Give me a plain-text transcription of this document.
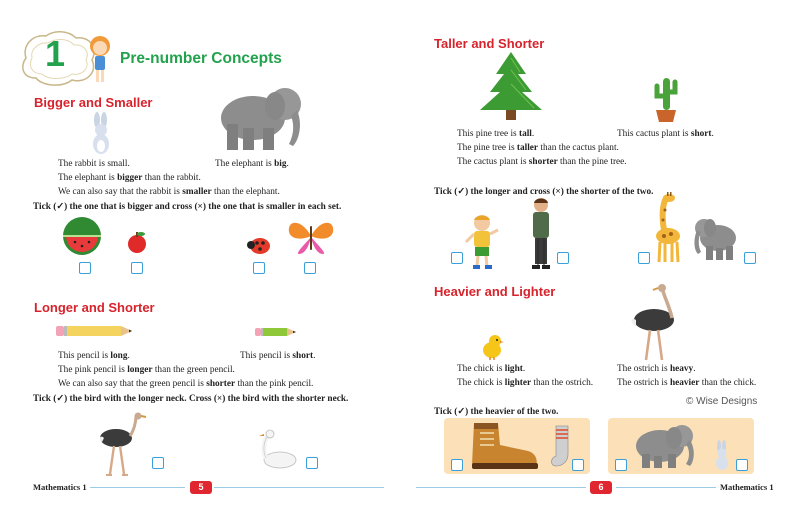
1	Pre-number Concepts
Bigger and Smaller
The rabbit is small.	The elephant is big.
The elephant is bigger than the rabbit.
We can also say that the rabbit is smaller than the elephant.
Tick (✓) the one that is bigger and cross (×) the one that is smaller in each set.
Longer and Shorter
This pencil is long.	This pencil is short.
The pink pencil is longer than the green pencil.
We can also say that the green pencil is shorter than the pink pencil.
Tick (✓) the bird with the longer neck. Cross (×) the bird with the shorter neck.
Mathematics 1	5
Taller and Shorter
This pine tree is tall.	This cactus plant is short.
The pine tree is taller than the cactus plant.
The cactus plant is shorter than the pine tree.
Tick (✓) the longer and cross (×) the shorter of the two.
Heavier and Lighter
The chick is light.	The ostrich is heavy.
The chick is lighter than the ostrich.	The ostrich is heavier than the chick.
© Wise Designs
Tick (✓) the heavier of the two.
6	Mathematics 1
